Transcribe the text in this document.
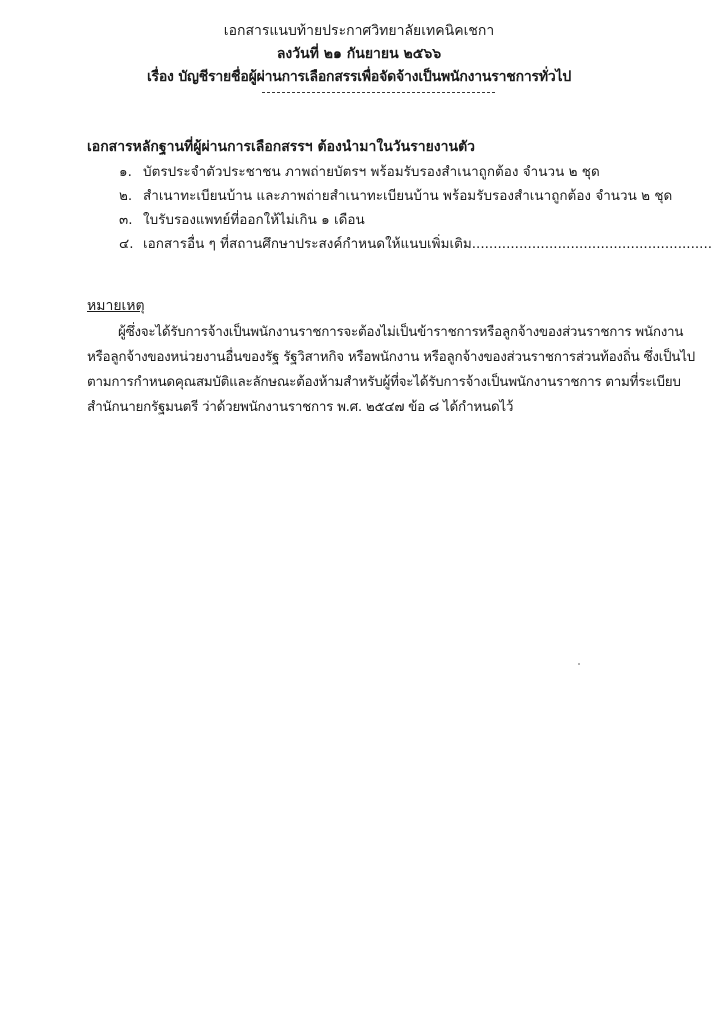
เอกสารแนบท้ายประกาศวิทยาลัยเทคนิคเชกา
ลงวันที่ ๒๑ กันยายน ๒๕๖๖
เรื่อง บัญชีรายชื่อผู้ผ่านการเลือกสรรเพื่อจัดจ้างเป็นพนักงานราชการทั่วไป
เอกสารหลักฐานที่ผู้ผ่านการเลือกสรรฯ ต้องนำมาในวันรายงานตัว
๑. บัตรประจำตัวประชาชน ภาพถ่ายบัตรฯ พร้อมรับรองสำเนาถูกต้อง จำนวน ๒ ชุด
๒. สำเนาทะเบียนบ้าน และภาพถ่ายสำเนาทะเบียนบ้าน พร้อมรับรองสำเนาถูกต้อง จำนวน ๒ ชุด
๓. ใบรับรองแพทย์ที่ออกให้ไม่เกิน ๑ เดือน
๔. เอกสารอื่น ๆ ที่สถานศึกษาประสงค์กำหนดให้แนบเพิ่มเติม........................................................
หมายเหตุ
ผู้ซึ่งจะได้รับการจ้างเป็นพนักงานราชการจะต้องไม่เป็นข้าราชการหรือลูกจ้างของส่วนราชการ พนักงาน
หรือลูกจ้างของหน่วยงานอื่นของรัฐ รัฐวิสาหกิจ หรือพนักงาน หรือลูกจ้างของส่วนราชการส่วนท้องถิ่น ซึ่งเป็นไป
ตามการกำหนดคุณสมบัติและลักษณะต้องห้ามสำหรับผู้ที่จะได้รับการจ้างเป็นพนักงานราชการ ตามที่ระเบียบ
สำนักนายกรัฐมนตรี ว่าด้วยพนักงานราชการ พ.ศ. ๒๕๔๗ ข้อ ๘ ได้กำหนดไว้
